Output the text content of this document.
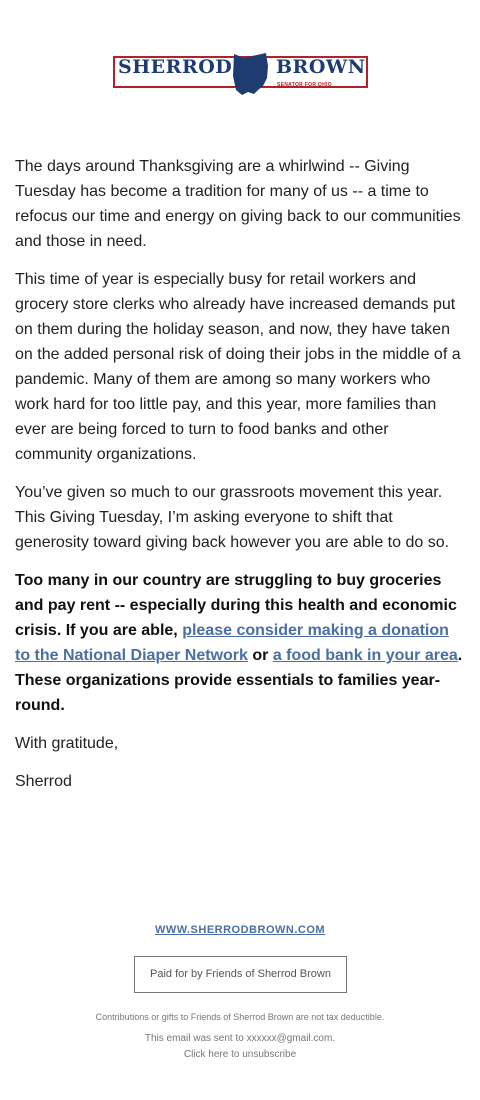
SHERROD BROWN
SENATOR FOR OHIO

The days around Thanksgiving are a whirlwind -- Giving Tuesday has become a tradition for many of us -- a time to refocus our time and energy on giving back to our communities and those in need.

This time of year is especially busy for retail workers and grocery store clerks who already have increased demands put on them during the holiday season, and now, they have taken on the added personal risk of doing their jobs in the middle of a pandemic. Many of them are among so many workers who work hard for too little pay, and this year, more families than ever are being forced to turn to food banks and other community organizations.

You’ve given so much to our grassroots movement this year. This Giving Tuesday, I’m asking everyone to shift that generosity toward giving back however you are able to do so.

Too many in our country are struggling to buy groceries and pay rent -- especially during this health and economic crisis. If you are able, please consider making a donation to the National Diaper Network or a food bank in your area. These organizations provide essentials to families year-round.

With gratitude,

Sherrod

WWW.SHERRODBROWN.COM
Paid for by Friends of Sherrod Brown
Contributions or gifts to Friends of Sherrod Brown are not tax deductible.
This email was sent to xxxxxx@gmail.com.
Click here to unsubscribe
